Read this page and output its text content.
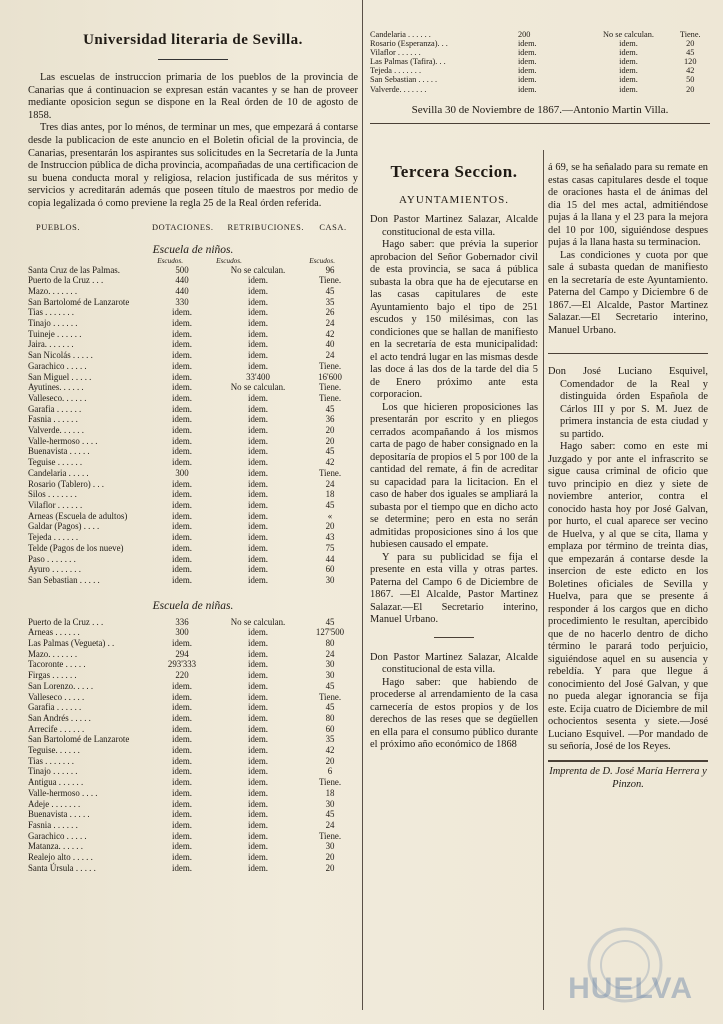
Universidad literaria de Sevilla.

Las escuelas de instruccion primaria de los pueblos de la provincia de Canarias que á continuacion se expresan están vacantes y se han de proveer mediante oposicion segun se dispone en la Real órden de 10 de agosto de 1858.

Tres dias antes, por lo ménos, de terminar un mes, que empezará á contarse desde la publicacion de este anuncio en el Boletin oficial de la provincia, de Canarias, presentarán los aspirantes sus solicitudes en la Secretaría de la Junta de Instruccion pública de dicha provincia, acompañadas de una certificacion de su buena conducta moral y religiosa, relacion justificada de sus méritos y servicios y acreditarán además que poseen título de maestros por medio de copia legalizada ó como previene la regla 25 de la Real órden referida.

PUEBLOS.	DOTACIONES.	RETRIBUCIONES.	CASA.

Escuela de niños.

Escudos.	Escudos.	Escudos.
Santa Cruz de las Palmas.	500	No se calculan.	96
Puerto de la Cruz . . .	440	idem.	Tiene.
Mazo. . . . . . .	440	idem.	45
San Bartolomé de Lanzarote	330	idem.	35
Tias . . . . . . .	idem.	idem.	26
Tinajo . . . . . .	idem.	idem.	24
Tuineje . . . . . .	idem.	idem.	42
Jaira. . . . . . .	idem.	idem.	40
San Nicolás . . . . .	idem.	idem.	24
Garachico . . . . .	idem.	idem.	Tiene.
San Miguel . . . . .	idem.	33'400	16'600
Ayutines. . . . . .	idem.	No se calculan.	Tiene.
Valleseco. . . . . .	idem.	idem.	Tiene.
Garafia . . . . . .	idem.	idem.	45
Fasnia . . . . . .	idem.	idem.	36
Valverde. . . . . .	idem.	idem.	20
Valle-hermoso . . . .	idem.	idem.	20
Buenavista . . . . .	idem.	idem.	45
Teguise . . . . . .	idem.	idem.	42
Candelaria . . . . .	300	idem.	Tiene.
Rosario (Tablero) . . .	idem.	idem.	24
Silos . . . . . . .	idem.	idem.	18
Vilaflor . . . . . .	idem.	idem.	45
Arneas (Escuela de adultos)	idem.	idem.	«
Galdar (Pagos) . . . .	idem.	idem.	20
Tejeda . . . . . .	idem.	idem.	43
Telde (Pagos de los nueve)	idem.	idem.	75
Paso . . . . . . .	idem.	idem.	44
Ayuro . . . . . . .	idem.	idem.	60
San Sebastian . . . . .	idem.	idem.	30

Escuela de niñas.

Puerto de la Cruz . . .	336	No se calculan.	45
Arneas . . . . . .	300	idem.	127'500
Las Palmas (Vegueta) . .	idem.	idem.	80
Mazo. . . . . . .	294	idem.	24
Tacoronte . . . . .	293'333	idem.	30
Firgas . . . . . .	220	idem.	30
San Lorenzo. . . . .	idem.	idem.	45
Valleseco . . . . .	idem.	idem.	Tiene.
Garafia . . . . . .	idem.	idem.	45
San Andrés . . . . .	idem.	idem.	80
Arrecife . . . . . .	idem.	idem.	60
San Bartolomé de Lanzarote	idem.	idem.	35
Teguise. . . . . .	idem.	idem.	42
Tias . . . . . . .	idem.	idem.	20
Tinajo . . . . . .	idem.	idem.	6
Antigua . . . . . .	idem.	idem.	Tiene.
Valle-hermoso . . . .	idem.	idem.	18
Adeje . . . . . . .	idem.	idem.	30
Buenavista . . . . .	idem.	idem.	45
Fasnia . . . . . .	idem.	idem.	24
Garachico . . . . .	idem.	idem.	Tiene.
Matanza. . . . . .	idem.	idem.	30
Realejo alto . . . . .	idem.	idem.	20
Santa Úrsula . . . . .	idem.	idem.	20
Candelaria . . . . . .	200	No se calculan.	Tiene.
Rosario (Esperanza). . .	idem.	idem.	20
Vilaflor . . . . . .	idem.	idem.	45
Las Palmas (Tafira). . .	idem.	idem.	120
Tejeda . . . . . . .	idem.	idem.	42
San Sebastian . . . . .	idem.	idem.	50
Valverde. . . . . . .	idem.	idem.	20

Sevilla 30 de Noviembre de 1867.—Antonio Martin Villa.

Tercera Seccion.

AYUNTAMIENTOS.

Don Pastor Martinez Salazar, Alcalde constitucional de esta villa.

Hago saber: que prévia la superior aprobacion del Señor Gobernador civil de esta provincia, se saca á pública subasta la obra que ha de ejecutarse en las casas capitulares de este Ayuntamiento bajo el tipo de 251 escudos y 150 milésimas, con las condiciones que se hallan de manifiesto en la secretaría de esta municipalidad: el acto tendrá lugar en las mismas desde las doce á las dos de la tarde del dia 5 de Enero próximo ante esta corporacion.

Los que hicieren proposiciones las presentarán por escrito y en pliegos cerrados acompañando á los mismos carta de pago de haber consignado en la depositaría de propios el 5 por 100 de la cantidad del remate, á fin de acreditar su capacidad para la licitacion. En el caso de haber dos iguales se ampliará la subasta por el tiempo que en dicho acto se determine; pero en esta no serán admitidas proposiciones sino á los que hubiesen causado el empate.

Y para su publicidad se fija el presente en esta villa y otras partes. Paterna del Campo 6 de Diciembre de 1867. —El Alcalde, Pastor Martinez Salazar.—El Secretario interino, Manuel Urbano.

Don Pastor Martinez Salazar, Alcalde constitucional de esta villa.

Hago saber: que habiendo de procederse al arrendamiento de la casa carnecería de estos propios y de los derechos de las reses que se degüellen en ella para el consumo público durante el próximo año económico de 1868

á 69, se ha señalado para su remate en estas casas capitulares desde el toque de oraciones hasta el de ánimas del dia 15 del mes actal, admitiéndose pujas á la llana y el 23 para la mejora del 10 por 100, siguiéndose despues pujas á la llana hasta su terminacion.

Las condiciones y cuota por que sale á subasta quedan de manifiesto en la secretaría de este Ayuntamiento. Paterna del Campo y Diciembre 6 de 1867.—El Alcalde, Pastor Martinez Salazar.—El Secretario interino, Manuel Urbano.

Don José Luciano Esquivel, Comendador de la Real y distinguida órden Española de Cárlos III y por S. M. Juez de primera instancia de esta ciudad y su partido.

Hago saber: como en este mi Juzgado y por ante el infrascrito se sigue causa criminal de oficio que tuvo principio en diez y siete de noviembre anterior, contra el conocido hasta hoy por José Galvan, por hurto, el cual aparece ser vecino de Huelva, y al que se cita, llama y emplaza por término de treinta dias, que empezarán á contarse desde la insercion de este edicto en los Boletines oficiales de Sevilla y Huelva, para que se presente á responder á los cargos que en dicho procedimiento le resultan, apercibido que de no hacerlo dentro de dicho término le parará todo perjuicio, siguiéndose aquel en su ausencia y rebeldía. Y para que llegue á conocimiento del José Galvan, y que no pueda alegar ignorancia se fija este. Ecija cuatro de Diciembre de mil ochocientos sesenta y siete.—José Luciano Esquivel. —Por mandado de su señoría, José de los Reyes.

Imprenta de D. José María Herrera y Pinzon.

HUELVA
